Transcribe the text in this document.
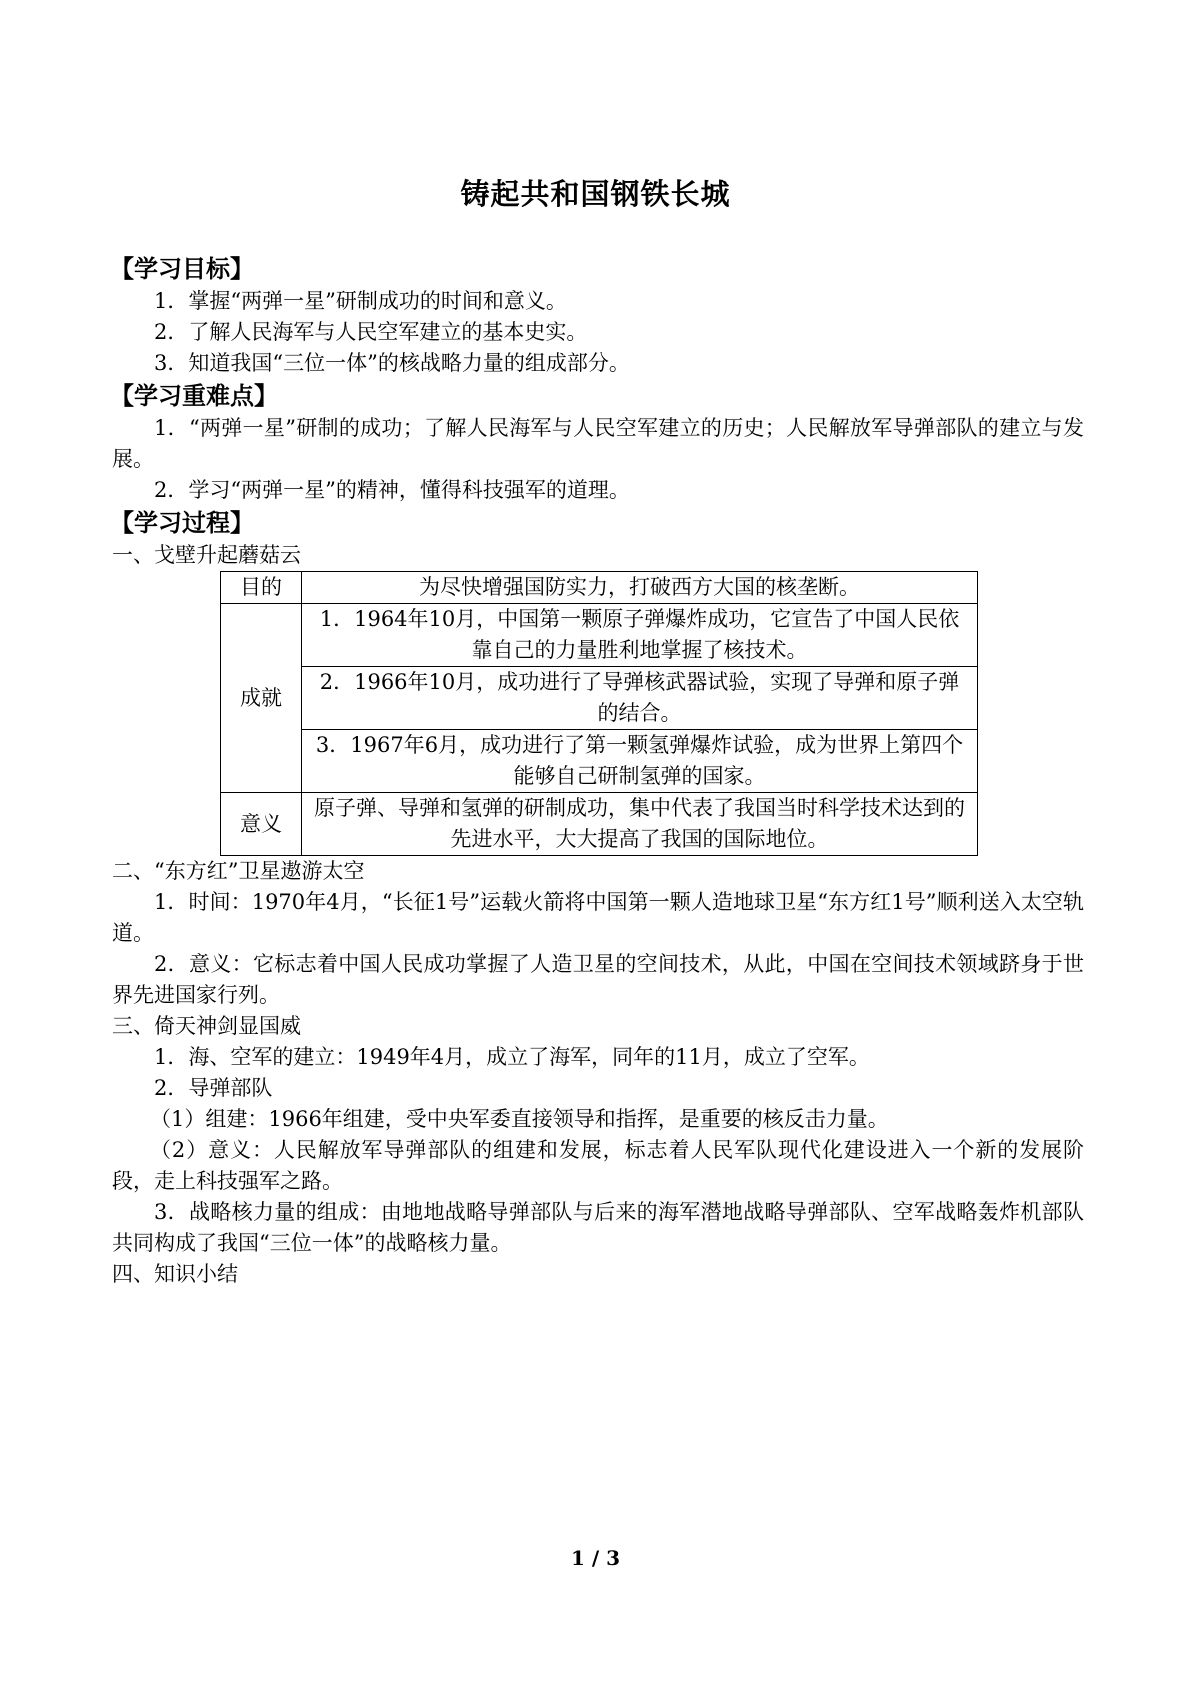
铸起共和国钢铁长城
【学习目标】

1．掌握“两弹一星”研制成功的时间和意义。

2．了解人民海军与人民空军建立的基本史实。

3．知道我国“三位一体”的核战略力量的组成部分。

【学习重难点】

1．“两弹一星”研制的成功；了解人民海军与人民空军建立的历史；人民解放军导弹部队的建立与发展。

2．学习“两弹一星”的精神，懂得科技强军的道理。

【学习过程】

一、戈壁升起蘑菇云

目的	为尽快增强国防实力，打破西方大国的核垄断。
成就	1．1964年10月，中国第一颗原子弹爆炸成功，它宣告了中国人民依靠自己的力量胜利地掌握了核技术。
	2．1966年10月，成功进行了导弹核武器试验，实现了导弹和原子弹的结合。
	3．1967年6月，成功进行了第一颗氢弹爆炸试验，成为世界上第四个能够自己研制氢弹的国家。
意义	原子弹、导弹和氢弹的研制成功，集中代表了我国当时科学技术达到的先进水平，大大提高了我国的国际地位。

二、“东方红”卫星遨游太空

1．时间：1970年4月，“长征1号”运载火箭将中国第一颗人造地球卫星“东方红1号”顺利送入太空轨道。

2．意义：它标志着中国人民成功掌握了人造卫星的空间技术，从此，中国在空间技术领域跻身于世界先进国家行列。

三、倚天神剑显国威

1．海、空军的建立：1949年4月，成立了海军，同年的11月，成立了空军。

2．导弹部队

（1）组建：1966年组建，受中央军委直接领导和指挥，是重要的核反击力量。

（2）意义：人民解放军导弹部队的组建和发展，标志着人民军队现代化建设进入一个新的发展阶段，走上科技强军之路。

3．战略核力量的组成：由地地战略导弹部队与后来的海军潜地战略导弹部队、空军战略轰炸机部队共同构成了我国“三位一体”的战略核力量。

四、知识小结

1 / 3
